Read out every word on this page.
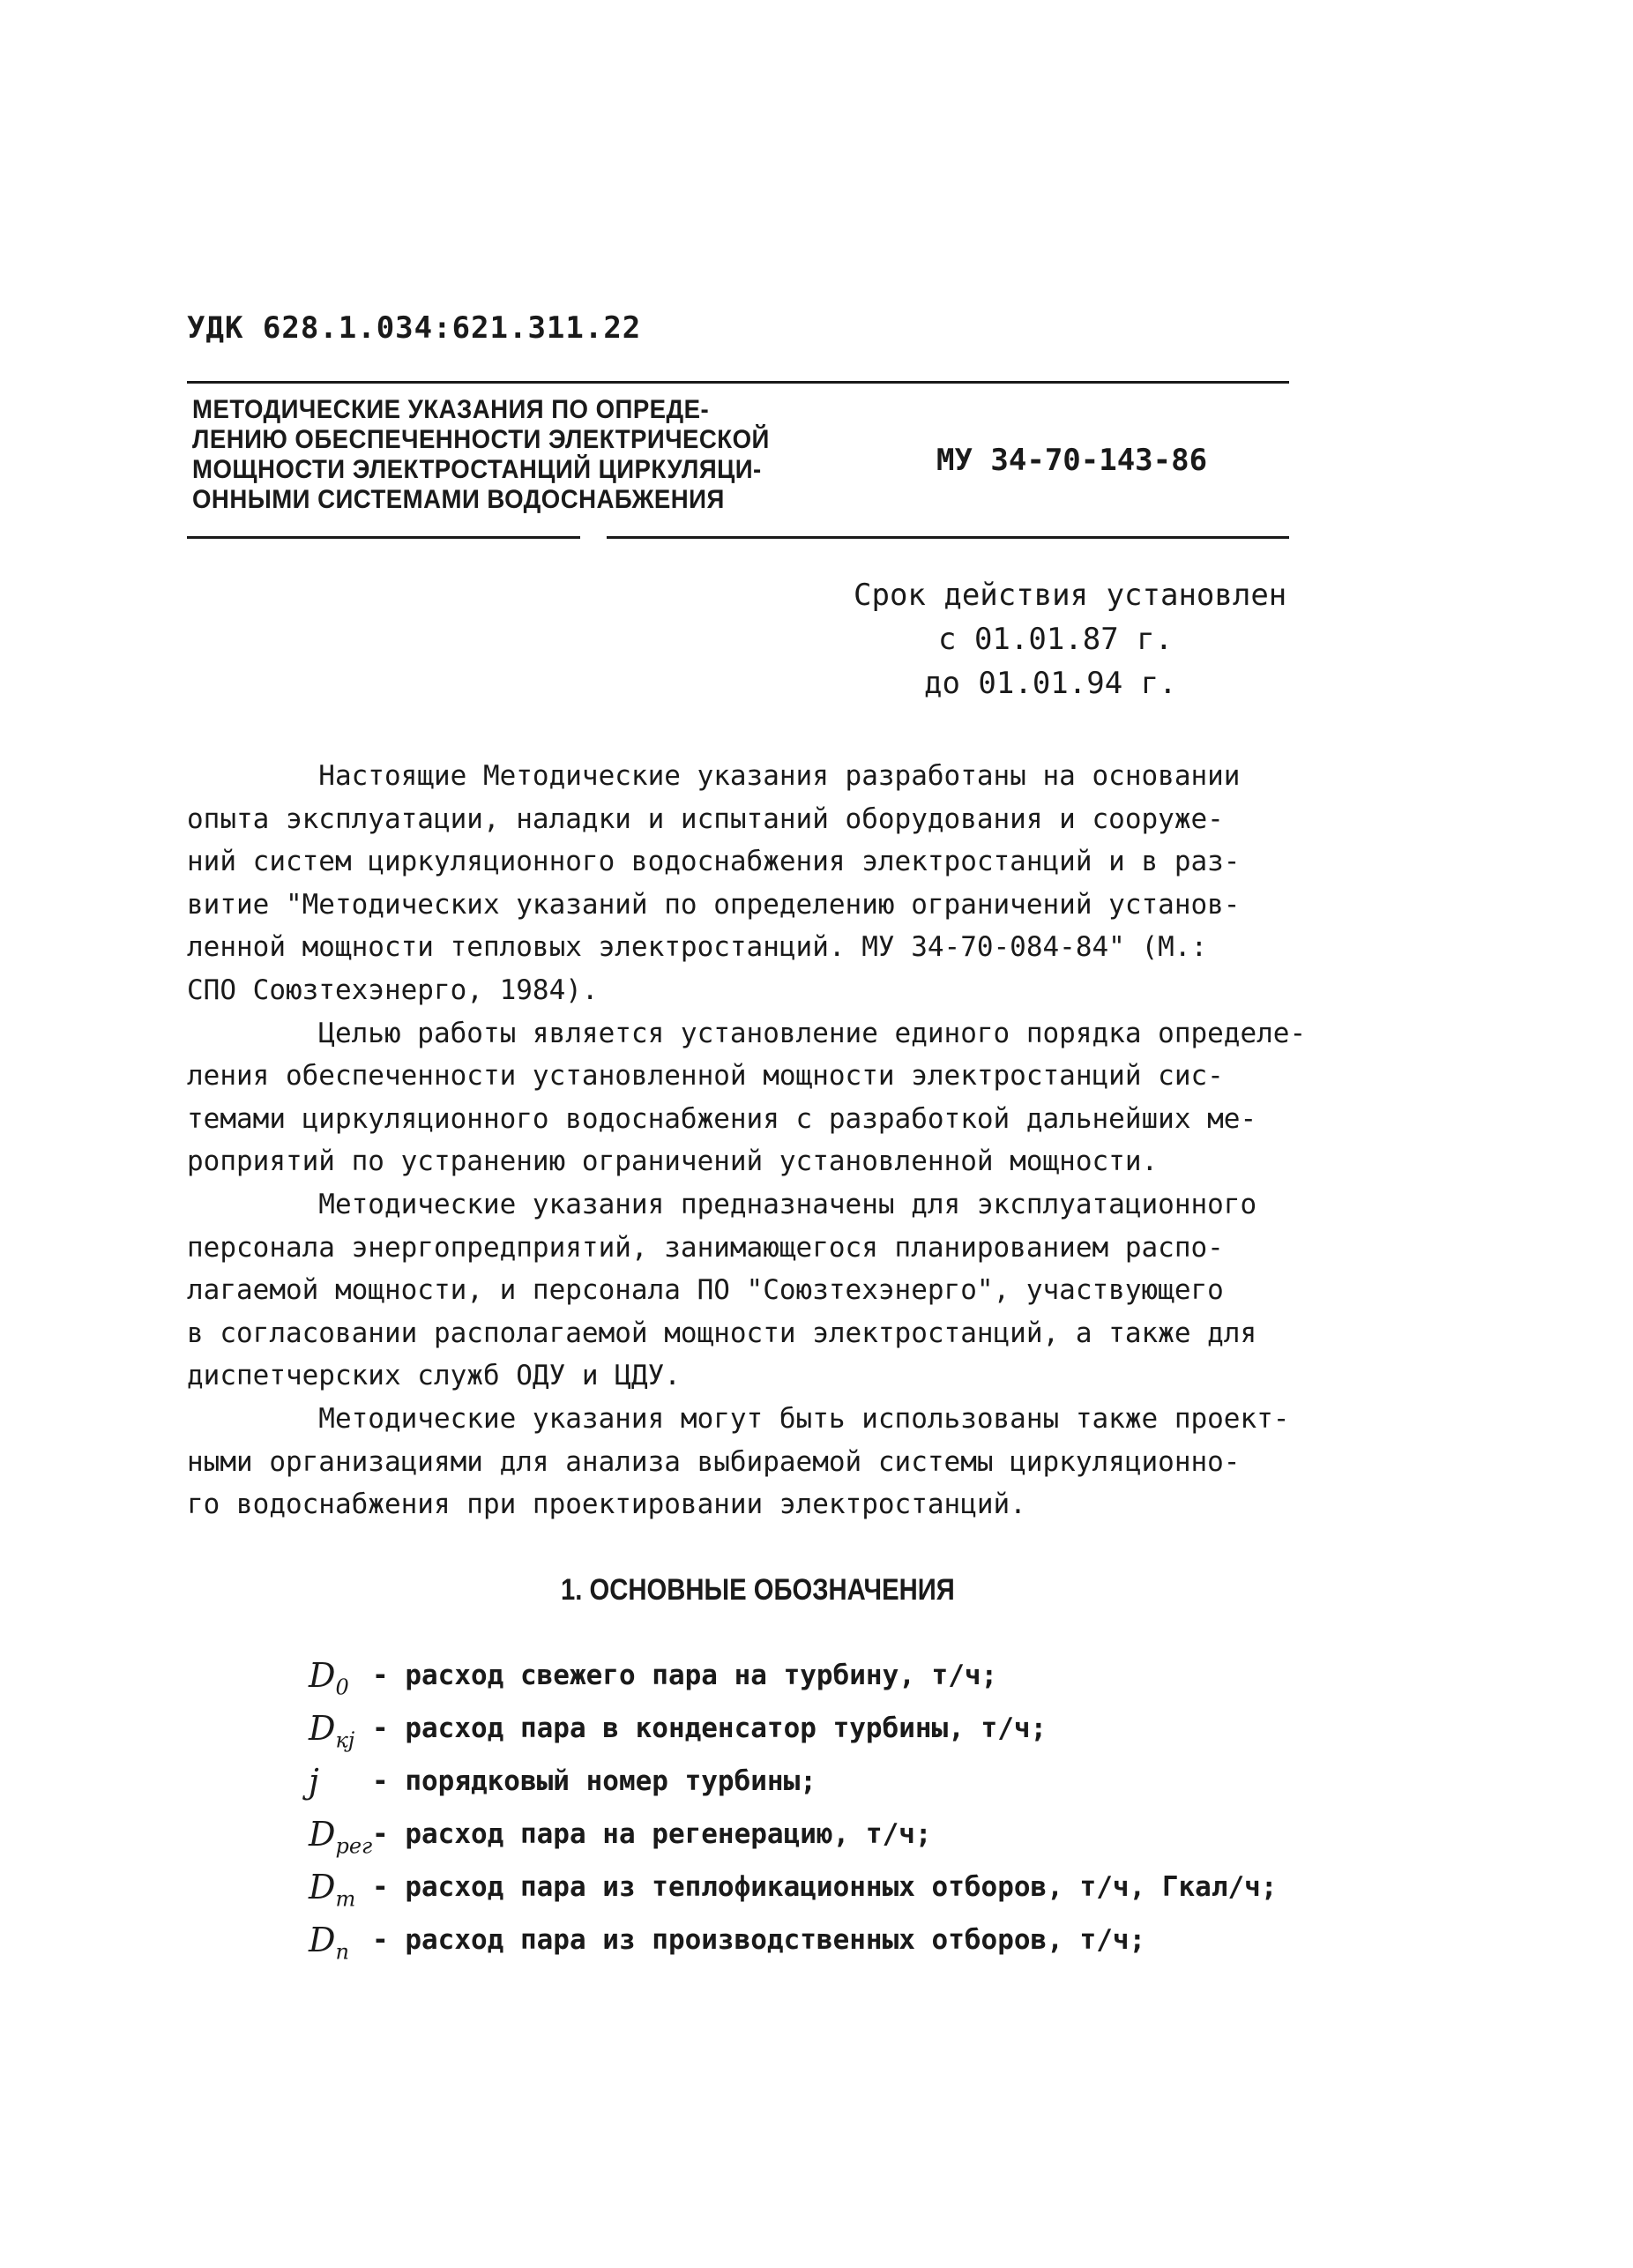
УДК 628.1.034:621.311.22
МЕТОДИЧЕСКИЕ УКАЗАНИЯ ПО ОПРЕДЕ-
ЛЕНИЮ ОБЕСПЕЧЕННОСТИ ЭЛЕКТРИЧЕСКОЙ
МОЩНОСТИ ЭЛЕКТРОСТАНЦИЙ ЦИРКУЛЯЦИ-
ОННЫМИ СИСТЕМАМИ ВОДОСНАБЖЕНИЯ
МУ 34-70-143-86
Срок действия установлен
с 01.01.87 г.
до 01.01.94 г.

Настоящие Методические указания разработаны на основании

опыта эксплуатации, наладки и испытаний оборудования и сооруже-

ний систем циркуляционного водоснабжения электростанций и в раз-

витие "Методических указаний по определению ограничений установ-

ленной мощности тепловых электростанций. МУ 34-70-084-84" (М.:

СПО Союзтехэнерго, 1984).

Целью работы является установление единого порядка определе-

ления обеспеченности установленной мощности электростанций сис-

темами циркуляционного водоснабжения с разработкой дальнейших ме-

роприятий по устранению ограничений установленной мощности.

Методические указания предназначены для эксплуатационного

персонала энергопредприятий, занимающегося планированием распо-

лагаемой мощности, и персонала ПО "Союзтехэнерго", участвующего

в согласовании располагаемой мощности электростанций, а также для

диспетчерских служб ОДУ и ЦДУ.

Методические указания могут быть использованы также проект-

ными организациями для анализа выбираемой системы циркуляционно-

го водоснабжения при проектировании электростанций.

1. ОСНОВНЫЕ ОБОЗНАЧЕНИЯ
$D_0$ - расход свежего пара на турбину, т/ч;
$D_{кj}$ - расход пара в конденсатор турбины, т/ч;
j	- порядковый номер турбины;
$D_{рег}$ - расход пара на регенерацию, т/ч;
$D_т$ - расход пара из теплофикационных отборов, т/ч, Гкал/ч;
$D_п$ - расход пара из производственных отборов, т/ч;
